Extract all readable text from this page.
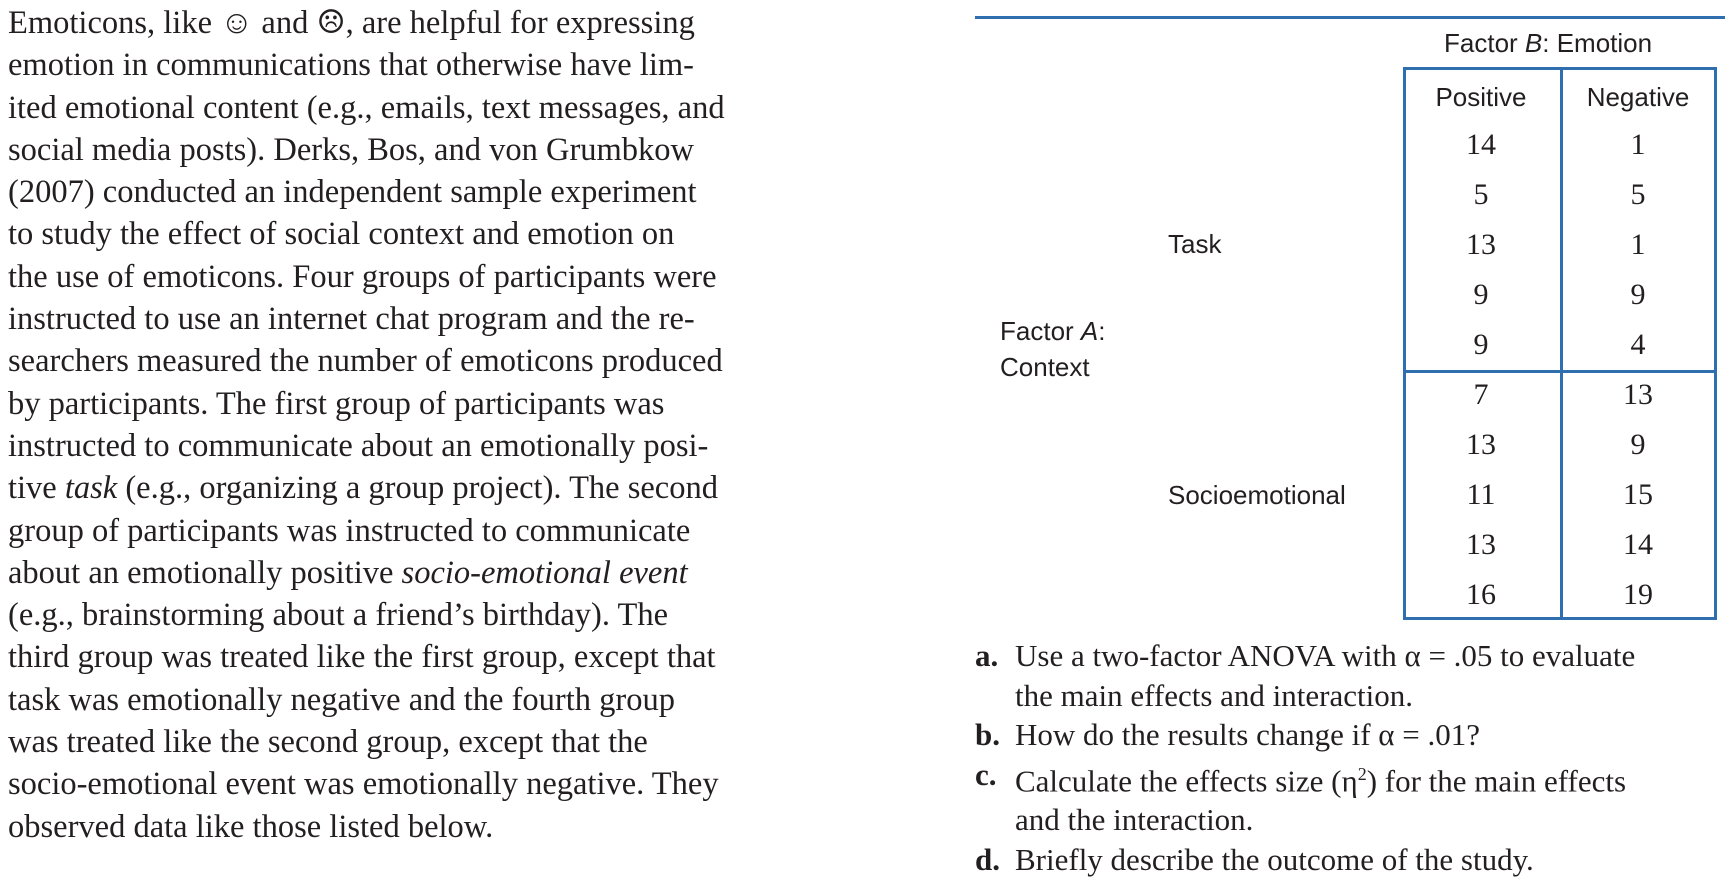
Emoticons, like ☺ and ☹, are helpful for expressing
emotion in communications that otherwise have lim-
ited emotional content (e.g., emails, text messages, and
social media posts). Derks, Bos, and von Grumbkow
(2007) conducted an independent sample experiment
to study the effect of social context and emotion on
the use of emoticons. Four groups of participants were
instructed to use an internet chat program and the re-
searchers measured the number of emoticons produced
by participants. The first group of participants was
instructed to communicate about an emotionally posi-
tive task (e.g., organizing a group project). The second
group of participants was instructed to communicate
about an emotionally positive socio-emotional event
(e.g., brainstorming about a friend’s birthday). The
third group was treated like the first group, except that
task was emotionally negative and the fourth group
was treated like the second group, except that the
socio-emotional event was emotionally negative. They
observed data like those listed below.
Factor B: Emotion
Factor A:
Context
Task
Socioemotional
Positive	Negative
14
5
13
9
9
1
5
1
9
4
7
13
11
13
16
13
9
15
14
19
a. Use a two-factor ANOVA with α = .05 to evaluate
the main effects and interaction.
b. How do the results change if α = .01?
c. Calculate the effects size $(\eta^2)$ for the main effects
and the interaction.
d. Briefly describe the outcome of the study.
